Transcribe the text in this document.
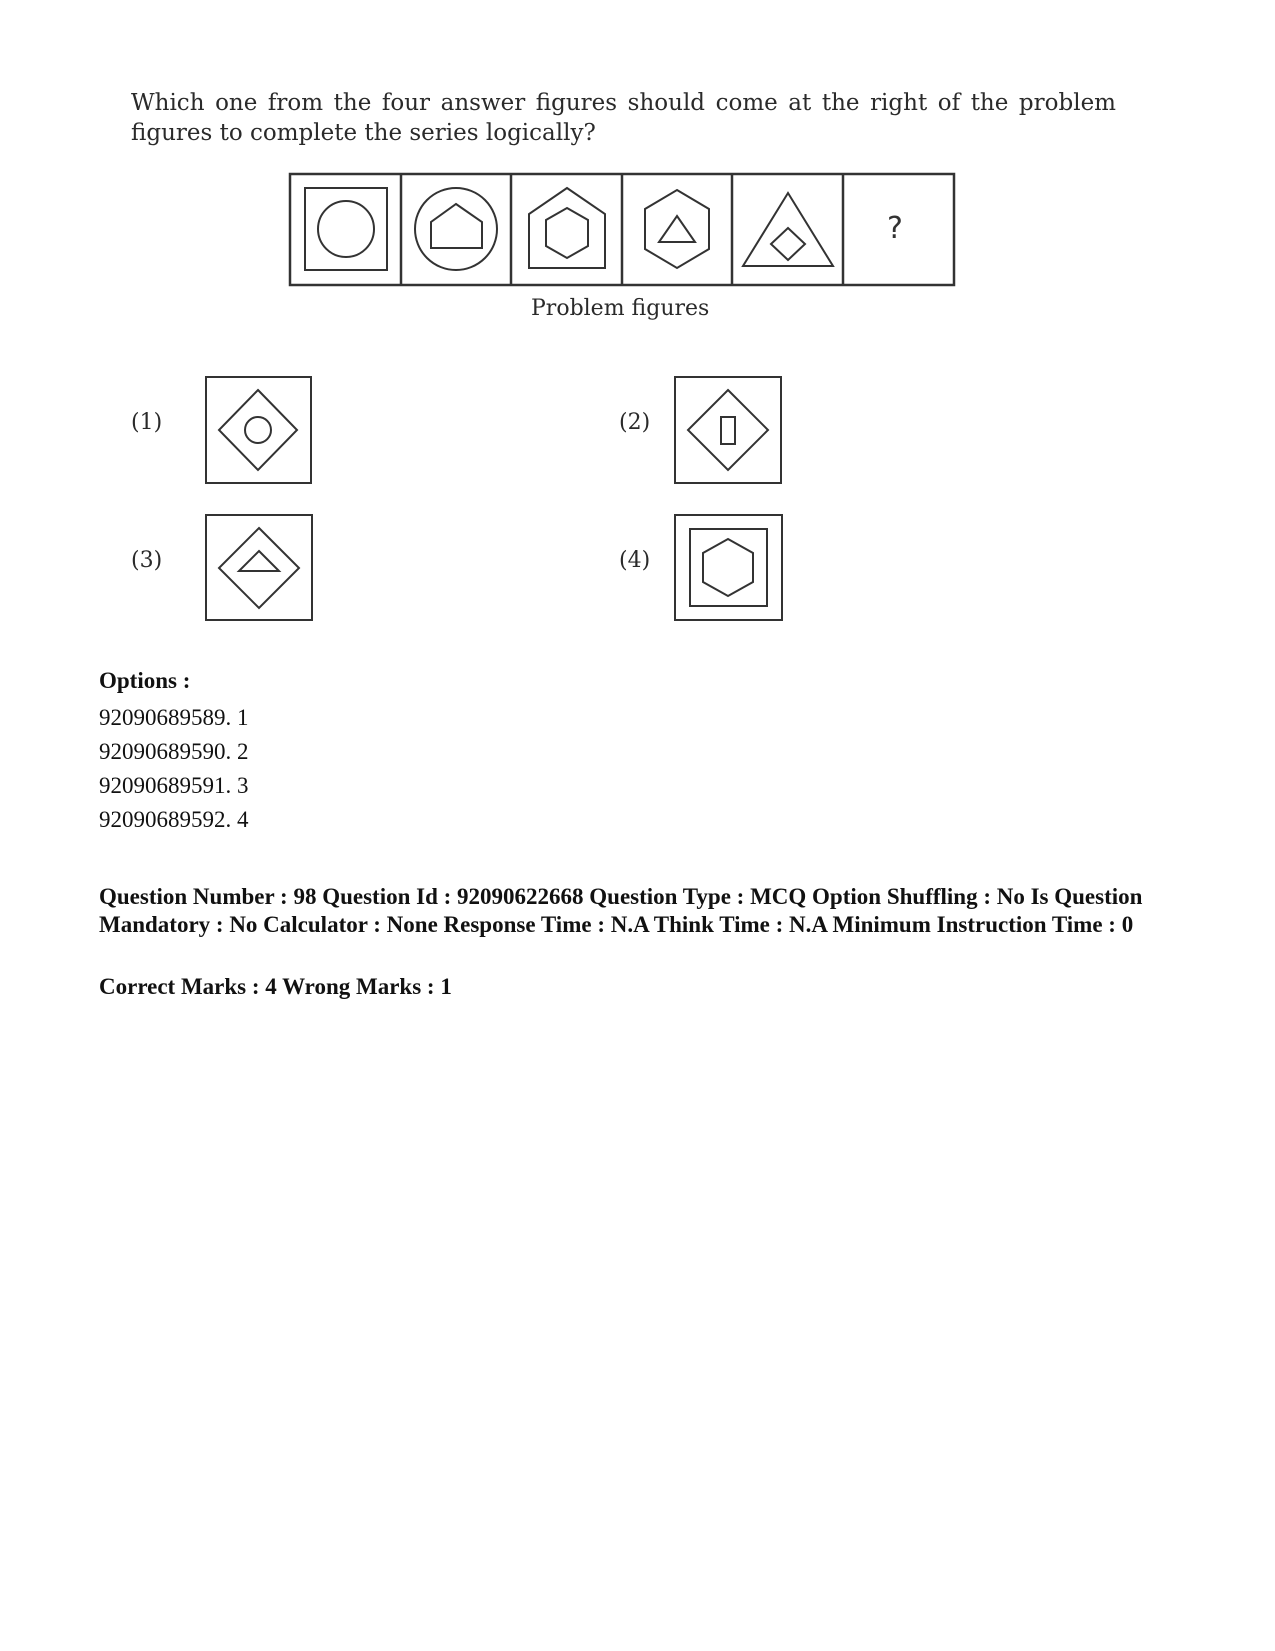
Which one from the four answer figures should come at the right of the problem figures to complete the series logically?
?
Problem figures
(1)	(2)
(3)	(4)
Options :
92090689589. 1
92090689590. 2
92090689591. 3
92090689592. 4
Question Number : 98 Question Id : 92090622668 Question Type : MCQ Option Shuffling : No Is Question Mandatory : No Calculator : None Response Time : N.A Think Time : N.A Minimum Instruction Time : 0
Correct Marks : 4 Wrong Marks : 1
